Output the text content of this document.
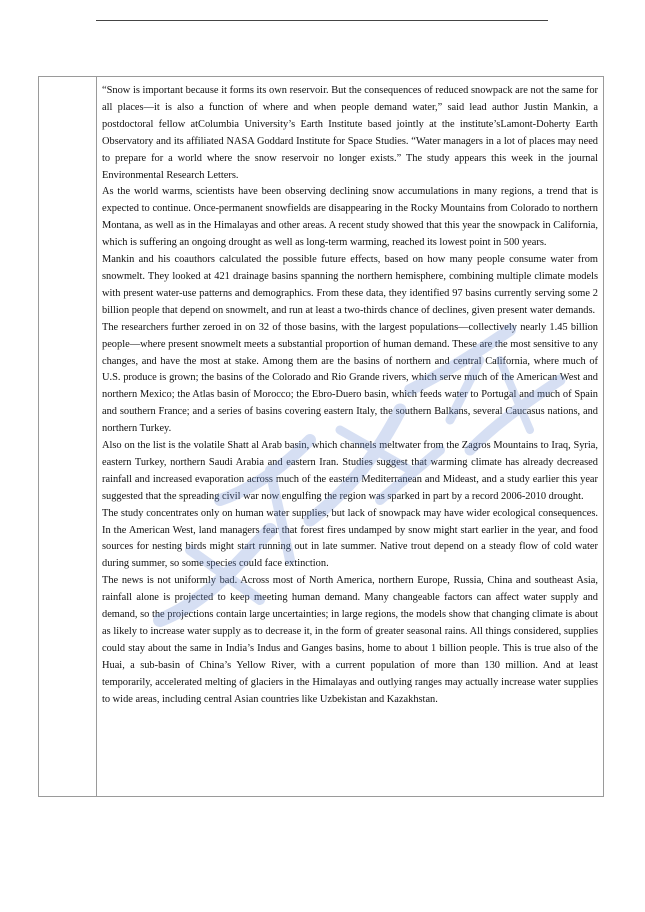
“Snow is important because it forms its own reservoir. But the consequences of reduced snowpack are not the same for all places—it is also a function of where and when people demand water,” said lead author Justin Mankin, a postdoctoral fellow atColumbia University’s Earth Institute based jointly at the institute’sLamont-Doherty Earth Observatory and its affiliated NASA Goddard Institute for Space Studies. “Water managers in a lot of places may need to prepare for a world where the snow reservoir no longer exists.” The study appears this week in the journal Environmental Research Letters.

As the world warms, scientists have been observing declining snow accumulations in many regions, a trend that is expected to continue. Once-permanent snowfields are disappearing in the Rocky Mountains from Colorado to northern Montana, as well as in the Himalayas and other areas. A recent study showed that this year the snowpack in California, which is suffering an ongoing drought as well as long-term warming, reached its lowest point in 500 years.

Mankin and his coauthors calculated the possible future effects, based on how many people consume water from snowmelt. They looked at 421 drainage basins spanning the northern hemisphere, combining multiple climate models with present water-use patterns and demographics. From these data, they identified 97 basins currently serving some 2 billion people that depend on snowmelt, and run at least a two-thirds chance of declines, given present water demands.

The researchers further zeroed in on 32 of those basins, with the largest populations—collectively nearly 1.45 billion people—where present snowmelt meets a substantial proportion of human demand. These are the most sensitive to any changes, and have the most at stake. Among them are the basins of northern and central California, where much of U.S. produce is grown; the basins of the Colorado and Rio Grande rivers, which serve much of the American West and northern Mexico; the Atlas basin of Morocco; the Ebro-Duero basin, which feeds water to Portugal and much of Spain and southern France; and a series of basins covering eastern Italy, the southern Balkans, several Caucasus nations, and northern Turkey.

Also on the list is the volatile Shatt al Arab basin, which channels meltwater from the Zagros Mountains to Iraq, Syria, eastern Turkey, northern Saudi Arabia and eastern Iran. Studies suggest that warming climate has already decreased rainfall and increased evaporation across much of the eastern Mediterranean and Mideast, and a study earlier this year suggested that the spreading civil war now engulfing the region was sparked in part by a record 2006-2010 drought.

The study concentrates only on human water supplies, but lack of snowpack may have wider ecological consequences. In the American West, land managers fear that forest fires undamped by snow might start earlier in the year, and food sources for nesting birds might start running out in late summer. Native trout depend on a steady flow of cold water during summer, so some species could face extinction.

The news is not uniformly bad. Across most of North America, northern Europe, Russia, China and southeast Asia, rainfall alone is projected to keep meeting human demand. Many changeable factors can affect water supply and demand, so the projections contain large uncertainties; in large regions, the models show that changing climate is about as likely to increase water supply as to decrease it, in the form of greater seasonal rains. All things considered, supplies could stay about the same in India’s Indus and Ganges basins, home to about 1 billion people. This is true also of the Huai, a sub-basin of China’s Yellow River, with a current population of more than 130 million. And at least temporarily, accelerated melting of glaciers in the Himalayas and outlying ranges may actually increase water supplies to wide areas, including central Asian countries like Uzbekistan and Kazakhstan.
